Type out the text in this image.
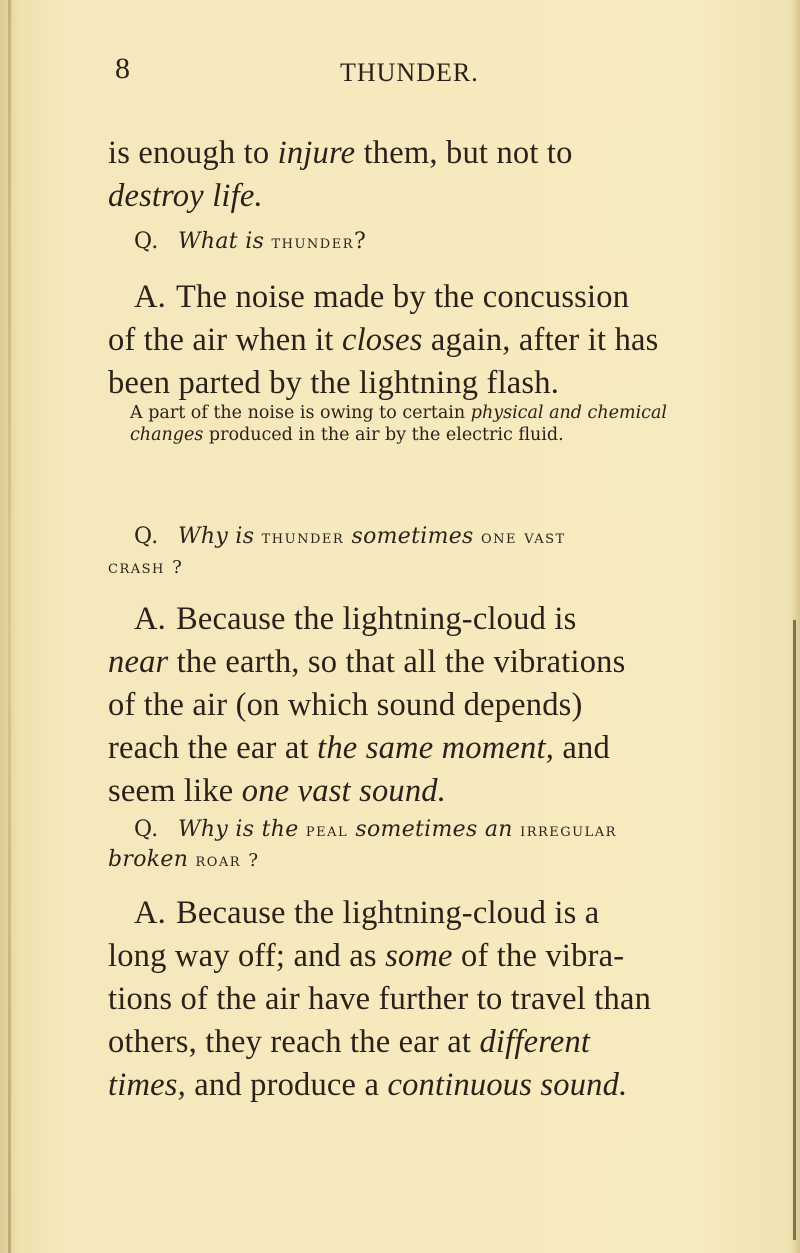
8	THUNDER.
is enough to injure them, but not to
destroy life.
Q. What is thunder?
A. The noise made by the concussion
of the air when it closes again, after it has
been parted by the lightning flash.
A part of the noise is owing to certain physical and chemical
changes produced in the air by the electric fluid.
Q. Why is thunder sometimes one vast
crash ?
A. Because the lightning-cloud is
near the earth, so that all the vibrations
of the air (on which sound depends)
reach the ear at the same moment, and
seem like one vast sound.
Q. Why is the peal sometimes an irregular
broken roar ?
A. Because the lightning-cloud is a
long way off; and as some of the vibra-
tions of the air have further to travel than
others, they reach the ear at different
times, and produce a continuous sound.
